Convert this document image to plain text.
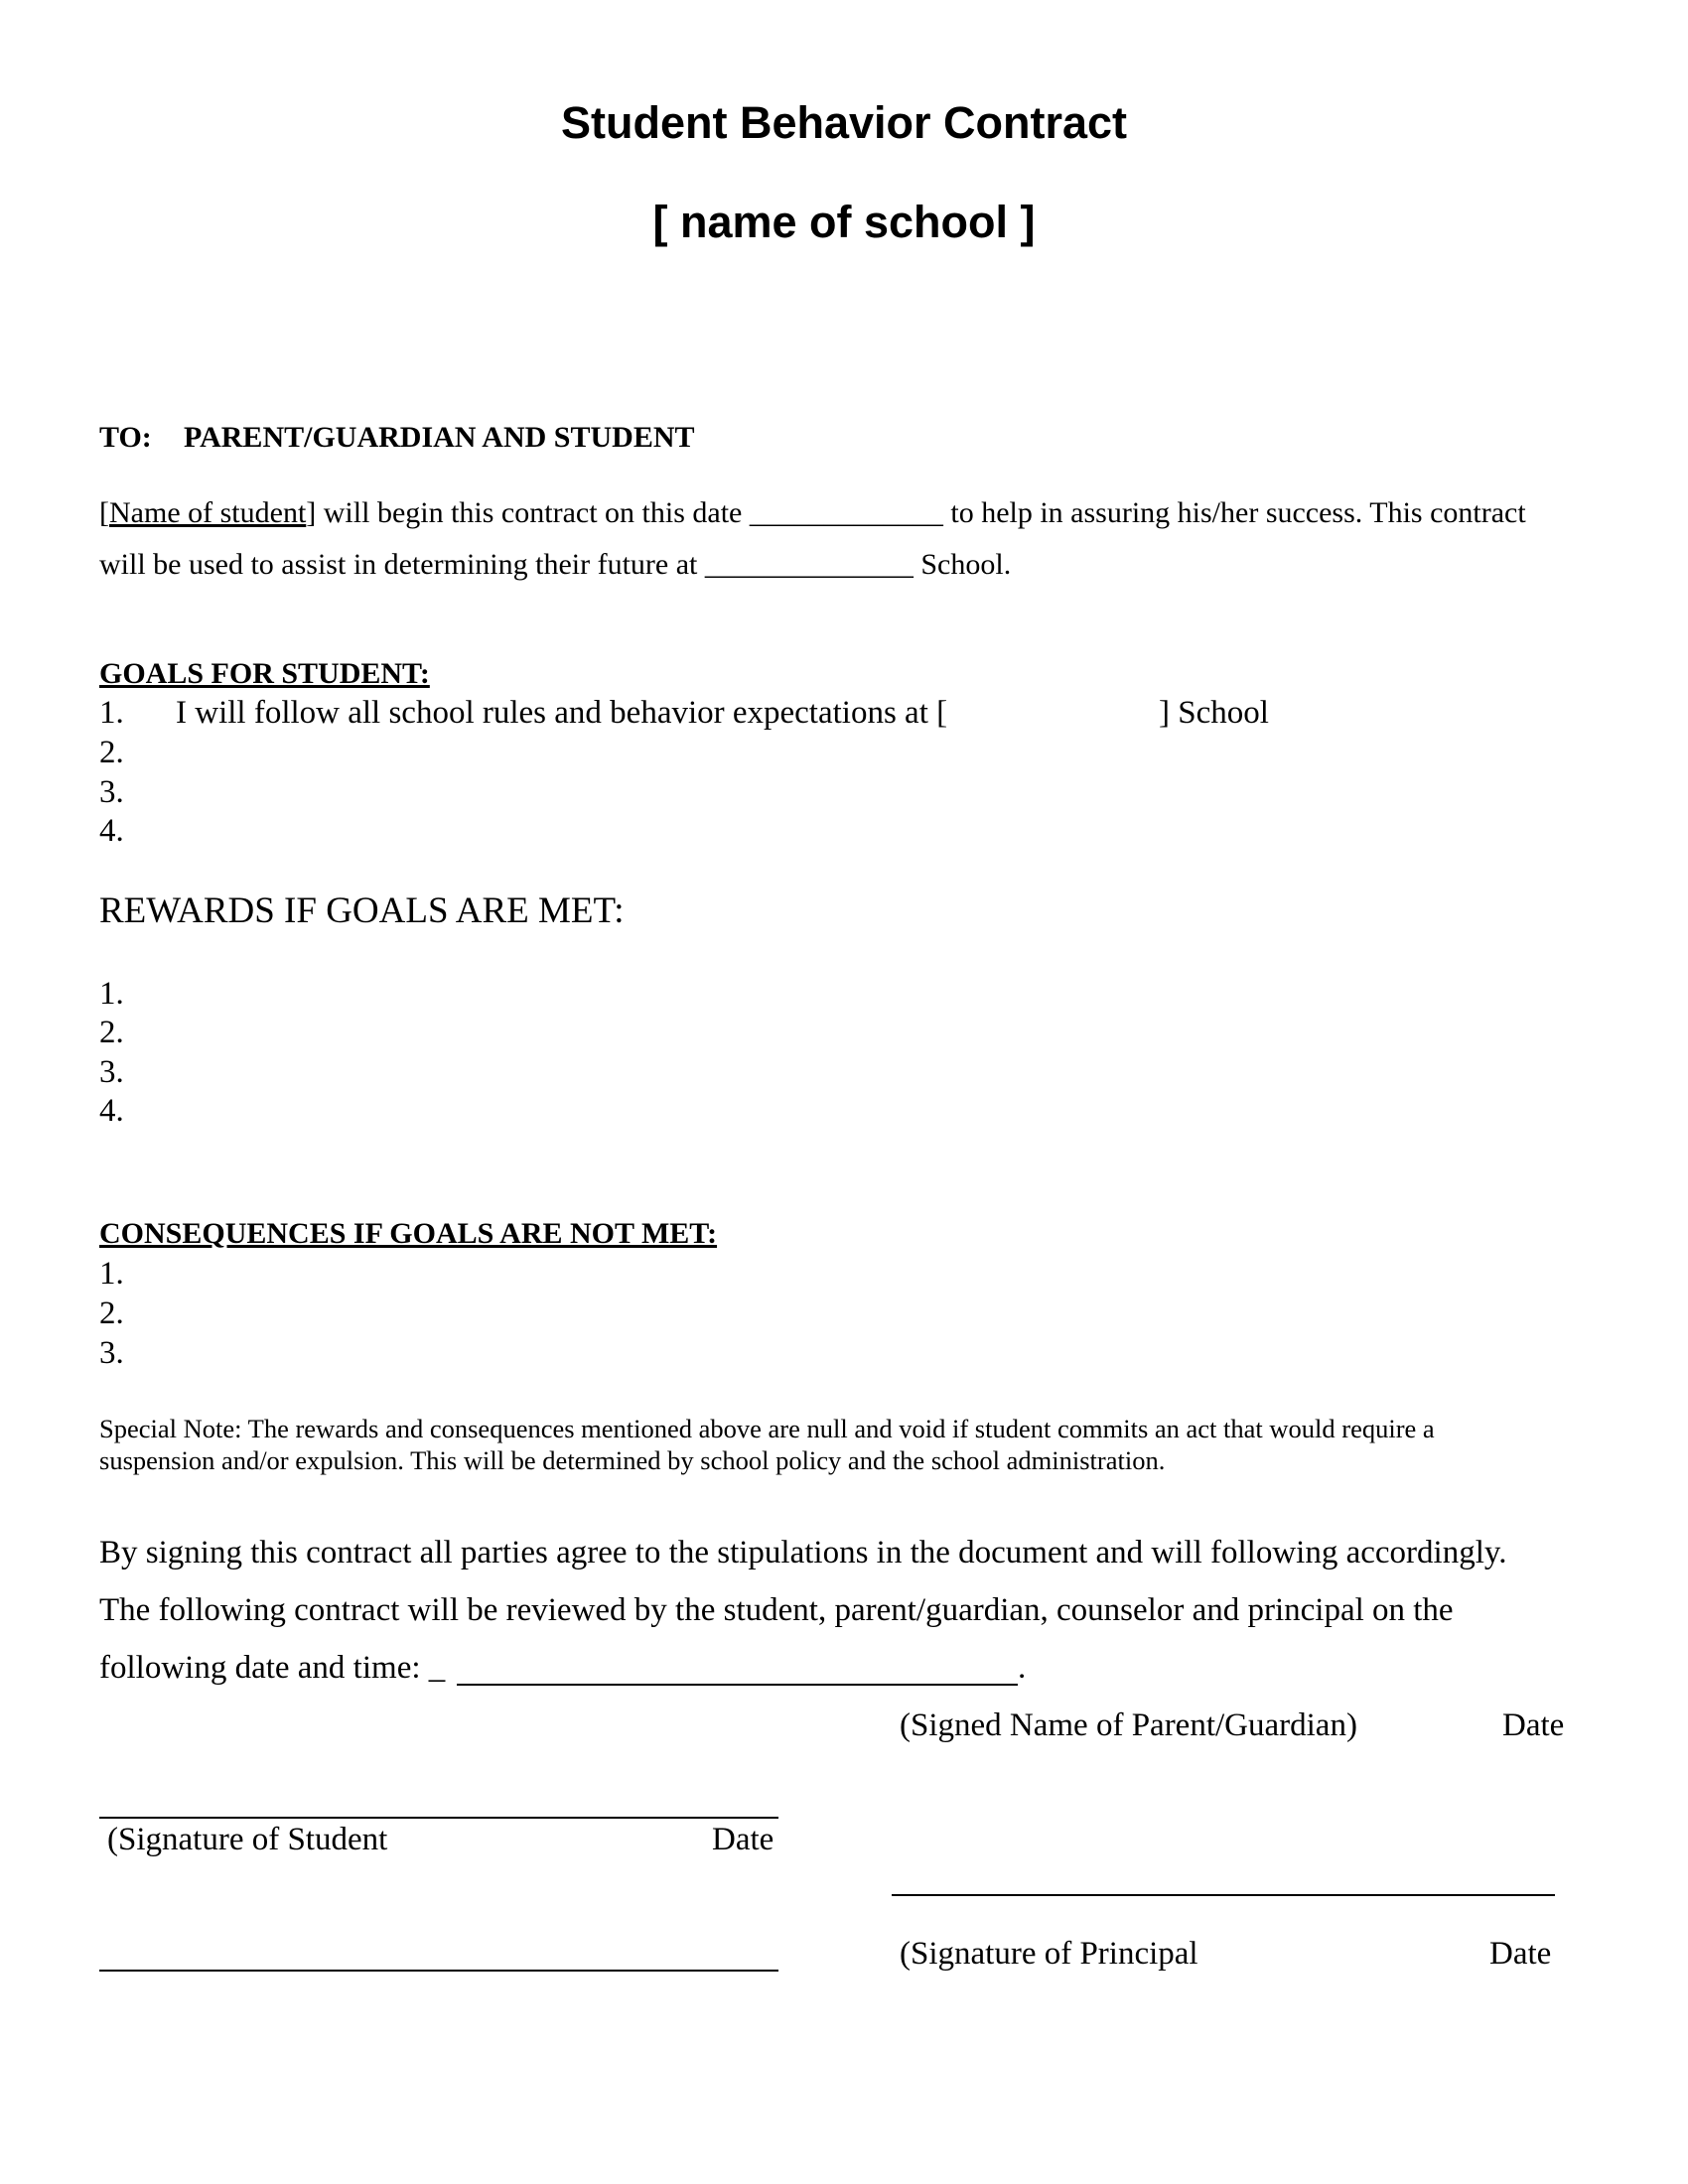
Student Behavior Contract
[ name of school ]
TO: PARENT/GUARDIAN AND STUDENT
[Name of student] will begin this contract on this date _____________ to help in assuring his/her success. This contract
will be used to assist in determining their future at ______________ School.
GOALS FOR STUDENT:
1. I will follow all school rules and behavior expectations at [	] School
2.
3.
4.
REWARDS IF GOALS ARE MET:
1.
2.
3.
4.
CONSEQUENCES IF GOALS ARE NOT MET:
1.
2.
3.
Special Note: The rewards and consequences mentioned above are null and void if student commits an act that would require a
suspension and/or expulsion. This will be determined by school policy and the school administration.
By signing this contract all parties agree to the stipulations in the document and will following accordingly.
The following contract will be reviewed by the student, parent/guardian, counselor and principal on the
following date and time: _	.
(Signed Name of Parent/Guardian)	Date
(Signature of Student	Date
(Signature of Principal	Date
